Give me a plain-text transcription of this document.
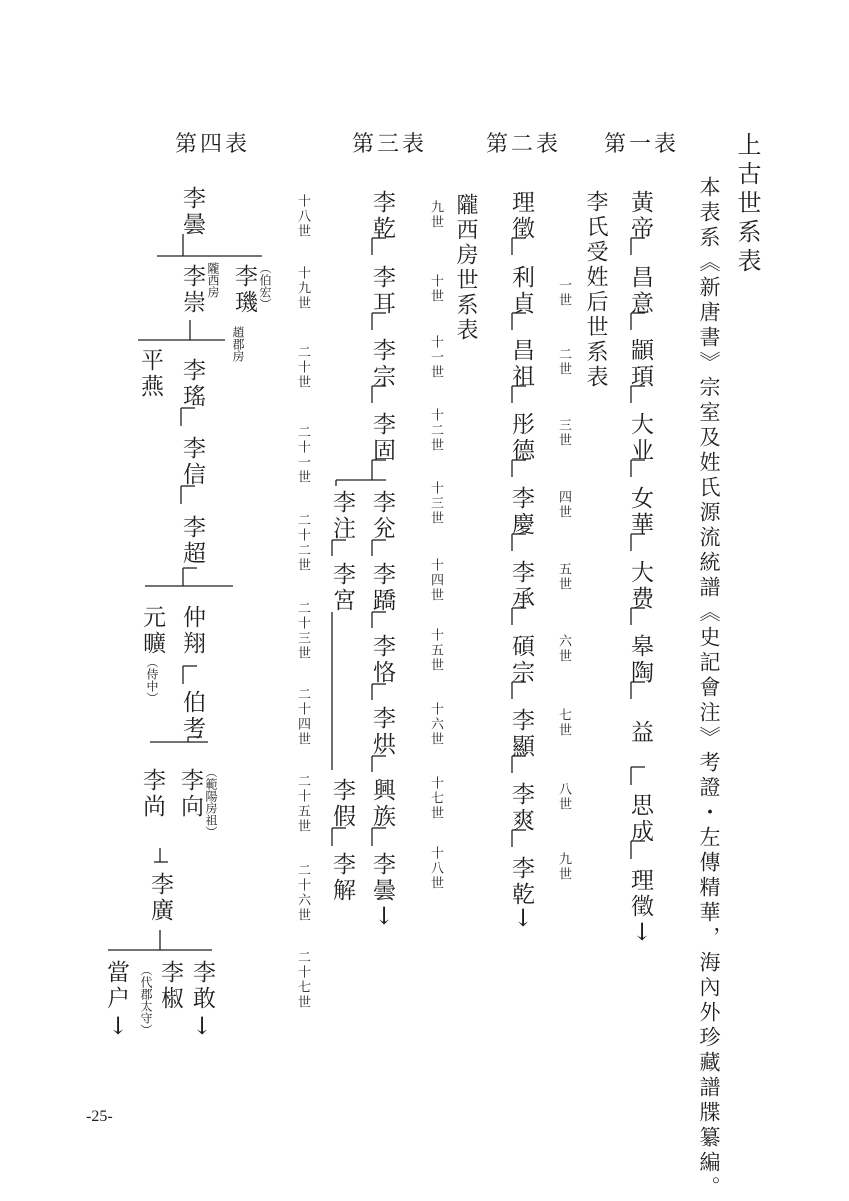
上古世系表
本表系《新唐書》宗室及姓氏源流統譜《史記會注》考證・左傳精華，海內外珍藏譜牒纂編。
第一表
第二表
第三表
第四表
黃帝
昌意
顓頊
大业
女華
大费
皋陶
益
思成
理徵
↓
李氏受姓后世系表
一世
二世
三世
四世
五世
六世
七世
八世
九世
理徵
利貞
昌祖
彤德
李慶
李承
碩宗
李顯
李爽
李乾
↓
隴西房世系表
九世
十世
十一世
十二世
十三世
十四世
十五世
十六世
十七世
十八世
李乾
李耳
李宗
李固
李兊
李蹻
李恪
李烘
興族
李曇
↓
李注
李宮
李假
李解
十八世
十九世
二十世
二十一世
二十二世
二十三世
二十四世
二十五世
二十六世
二十七世
李曇
李璣 （伯宏）
隴西房
趙郡房
李崇
平燕 李瑤
李信
李超
仲翔
元曠
（侍中）
伯考
李向 （範陽房祖）
李尚
李廣
李敢
↓
李椒
（代郡太守）
當户
↓
-25-
